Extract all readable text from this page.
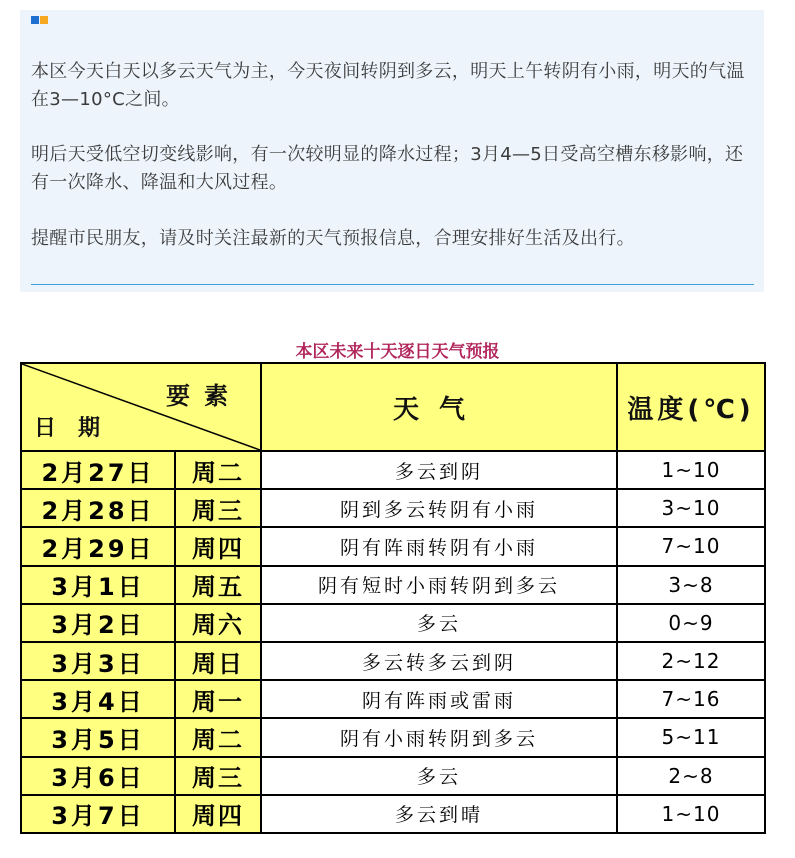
本区今天白天以多云天气为主，今天夜间转阴到多云，明天上午转阴有小雨，明天的气温在3—10°C之间。

明后天受低空切变线影响，有一次较明显的降水过程；3月4—5日受高空槽东移影响，还有一次降水、降温和大风过程。

提醒市民朋友，请及时关注最新的天气预报信息，合理安排好生活及出行。

本区未来十天逐日天气预报
要素
日期		天气	温度(℃)
2月27日	周二	多云到阴	1~10
2月28日	周三	阴到多云转阴有小雨	3~10
2月29日	周四	阴有阵雨转阴有小雨	7~10
3月1日	周五	阴有短时小雨转阴到多云	3~8
3月2日	周六	多云	0~9
3月3日	周日	多云转多云到阴	2~12
3月4日	周一	阴有阵雨或雷雨	7~16
3月5日	周二	阴有小雨转阴到多云	5~11
3月6日	周三	多云	2~8
3月7日	周四	多云到晴	1~10
